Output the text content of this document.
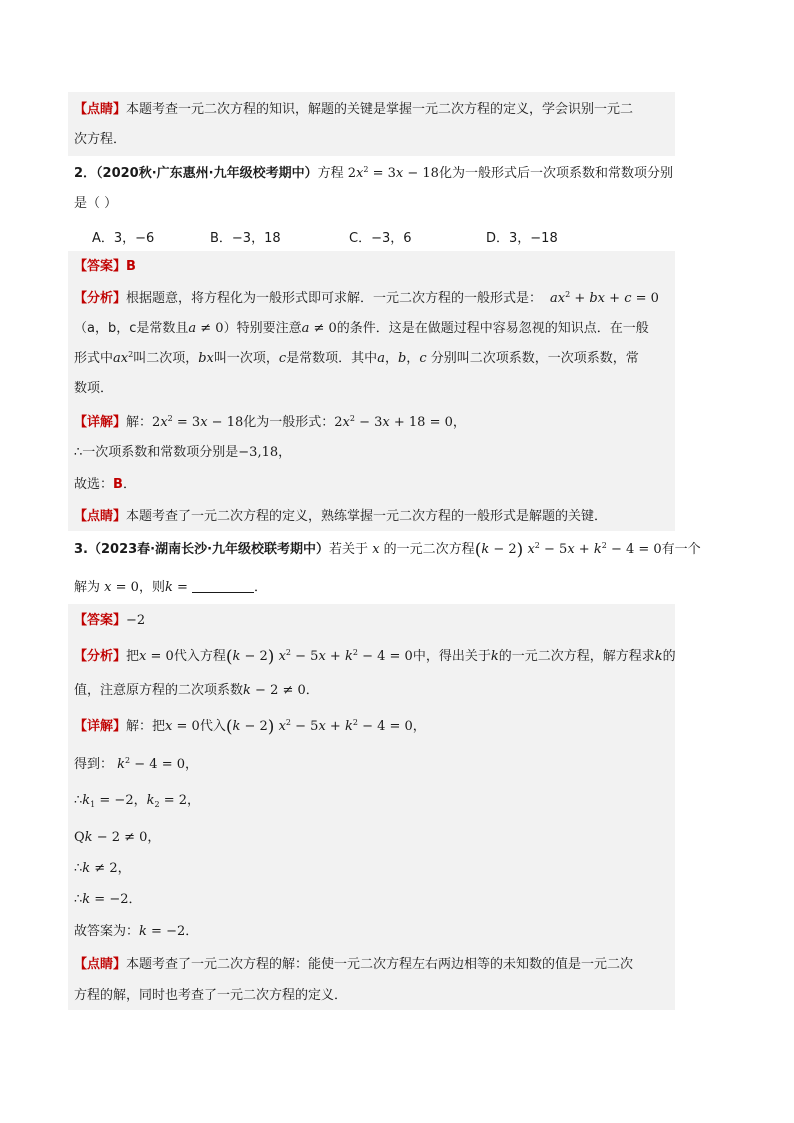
【点睛】本题考查一元二次方程的知识，解题的关键是掌握一元二次方程的定义，学会识别一元二
次方程．
2．（2020秋·广东惠州·九年级校考期中）方程 $2x^2 = 3x - 18$化为一般形式后一次项系数和常数项分别
是（ ）
A．3，−6	B．−3，18	C．−3，6	D．3，−18
【答案】B
【分析】根据题意，将方程化为一般形式即可求解．一元二次方程的一般形式是： $ax^2$ + bx + c = 0
（a，b，c是常数且a ≠ 0）特别要注意a ≠ 0的条件．这是在做题过程中容易忽视的知识点．在一般
形式中$ax^2$叫二次项，bx叫一次项，c是常数项．其中a，b，c 分别叫二次项系数，一次项系数，常
数项．
【详解】解：$2x^2 = 3x - 18$化为一般形式：$2x^2 - 3x + 18 = 0$，
∴一次项系数和常数项分别是−3,18，
故选：B．
【点睛】本题考查了一元二次方程的定义，熟练掌握一元二次方程的一般形式是解题的关键．
3.（2023春·湖南长沙·九年级校联考期中）若关于 x 的一元二次方程(k − 2) $x^2 - 5x + k^2 - 4 = 0$有一个
解为 x = 0，则k =	．
【答案】−2
【分析】把x = 0代入方程(k − 2) $x^2 - 5x + k^2 - 4 = 0$中，得出关于k的一元二次方程，解方程求k的
值，注意原方程的二次项系数k − 2 ≠ 0．
【详解】解：把x = 0代入(k − 2) $x^2 - 5x + k^2 - 4 = 0$，
得到： $k^2 - 4 = 0$，
$\therefore k_1 = -2$，$k_2 = 2$，
Qk − 2 ≠ 0，
∴k ≠ 2，
∴k = −2．
故答案为：k = −2．
【点睛】本题考查了一元二次方程的解：能使一元二次方程左右两边相等的未知数的值是一元二次
方程的解，同时也考查了一元二次方程的定义．
